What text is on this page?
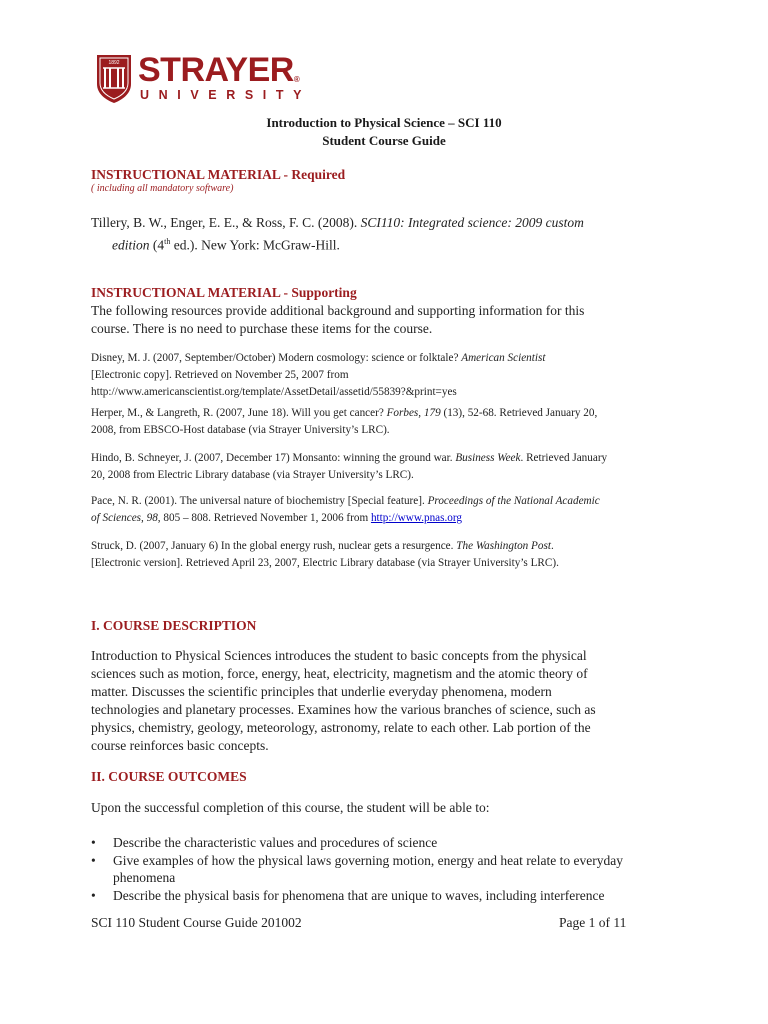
1892 STRAYER®
UNIVERSITY
Introduction to Physical Science – SCI 110
Student Course Guide
INSTRUCTIONAL MATERIAL - Required
( including all mandatory software)
Tillery, B. W., Enger, E. E., & Ross, F. C. (2008). SCI110: Integrated science: 2009 custom
edition (4th ed.). New York: McGraw-Hill.
INSTRUCTIONAL MATERIAL - Supporting
The following resources provide additional background and supporting information for this
course. There is no need to purchase these items for the course.
Disney, M. J. (2007, September/October) Modern cosmology: science or folktale? American Scientist
[Electronic copy]. Retrieved on November 25, 2007 from
http://www.americanscientist.org/template/AssetDetail/assetid/55839?&print=yes
Herper, M., & Langreth, R. (2007, June 18). Will you get cancer? Forbes, 179 (13), 52-68. Retrieved January 20,
2008, from EBSCO-Host database (via Strayer University’s LRC).
Hindo, B. Schneyer, J. (2007, December 17) Monsanto: winning the ground war. Business Week. Retrieved January
20, 2008 from Electric Library database (via Strayer University’s LRC).
Pace, N. R. (2001). The universal nature of biochemistry [Special feature]. Proceedings of the National Academic
of Sciences, 98, 805 – 808. Retrieved November 1, 2006 from http://www.pnas.org
Struck, D. (2007, January 6) In the global energy rush, nuclear gets a resurgence. The Washington Post.
[Electronic version]. Retrieved April 23, 2007, Electric Library database (via Strayer University’s LRC).
I. COURSE DESCRIPTION
Introduction to Physical Sciences introduces the student to basic concepts from the physical
sciences such as motion, force, energy, heat, electricity, magnetism and the atomic theory of
matter. Discusses the scientific principles that underlie everyday phenomena, modern
technologies and planetary processes. Examines how the various branches of science, such as
physics, chemistry, geology, meteorology, astronomy, relate to each other. Lab portion of the
course reinforces basic concepts.
II. COURSE OUTCOMES
Upon the successful completion of this course, the student will be able to:
• Describe the characteristic values and procedures of science
• Give examples of how the physical laws governing motion, energy and heat relate to everyday phenomena
• Describe the physical basis for phenomena that are unique to waves, including interference
SCI 110 Student Course Guide 201002	Page 1 of 11
